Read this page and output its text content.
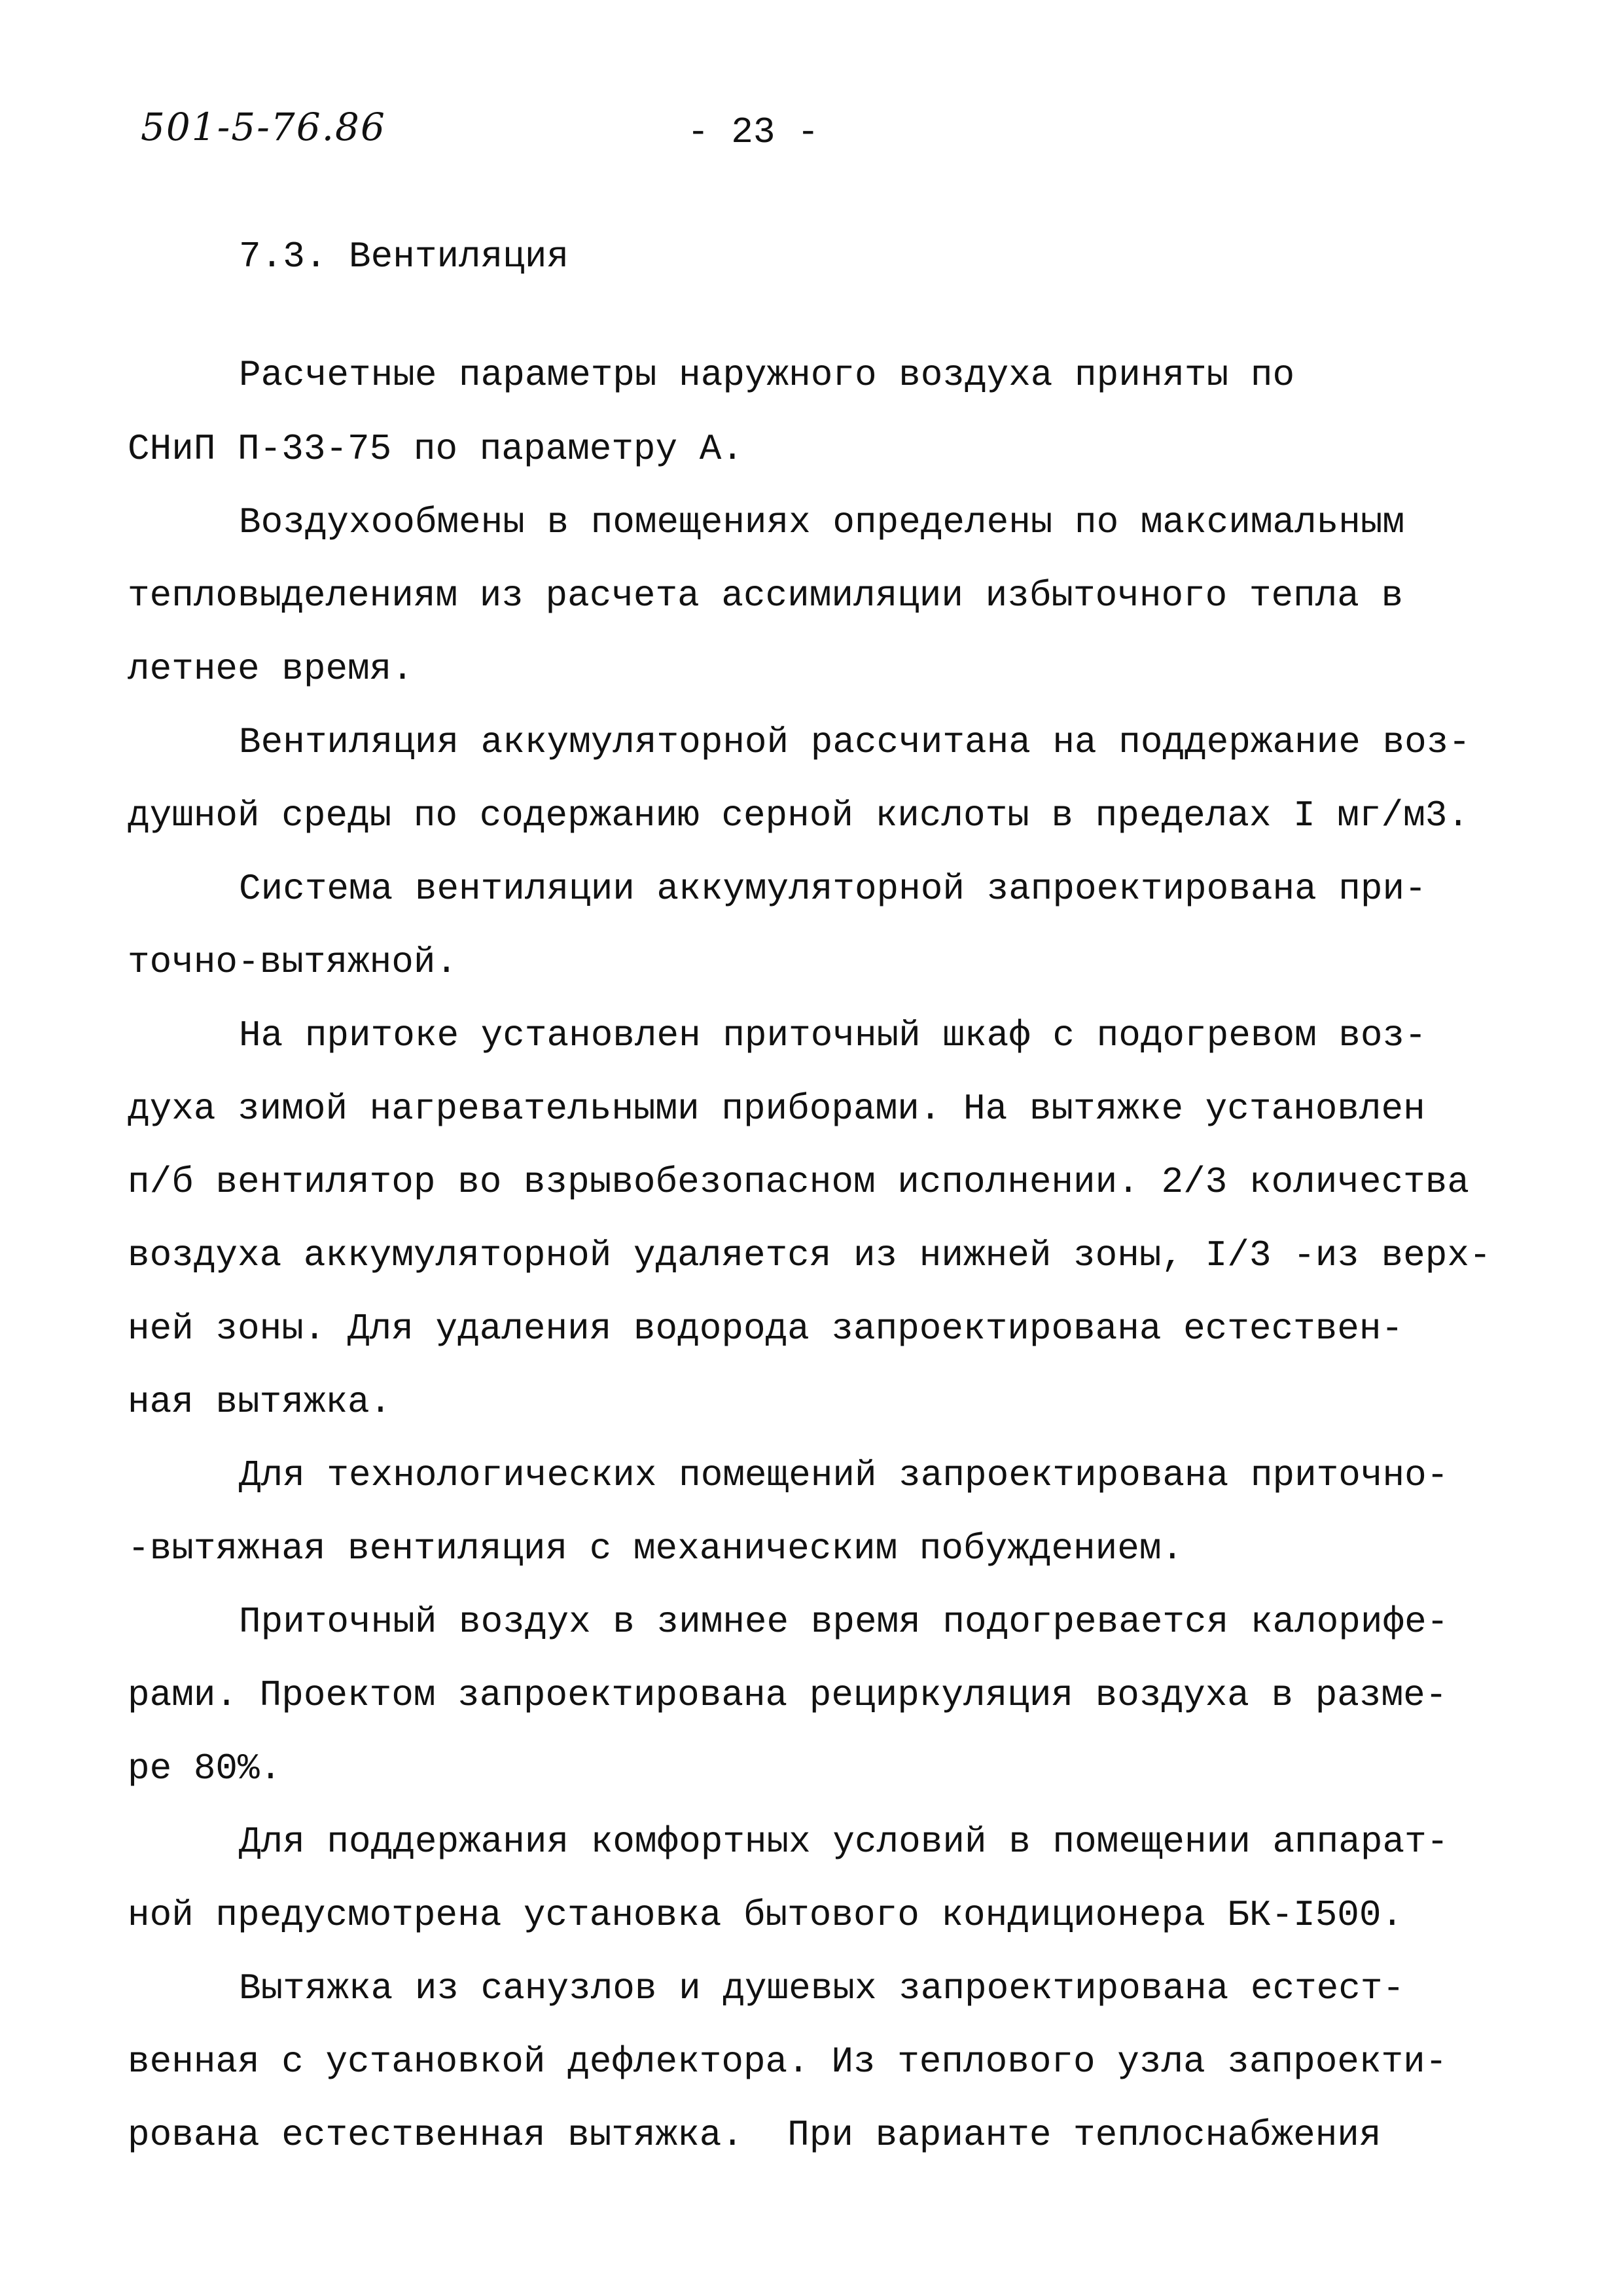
501-5-76.86	- 23 -
7.3. Вентиляция
Расчетные параметры наружного воздуха приняты по
СНиП П-33-75 по параметру А.
Воздухообмены в помещениях определены по максимальным
тепловыделениям из расчета ассимиляции избыточного тепла в
летнее время.
Вентиляция аккумуляторной рассчитана на поддержание воз-
душной среды по содержанию серной кислоты в пределах I мг/м3.
Система вентиляции аккумуляторной запроектирована при-
точно-вытяжной.
На притоке установлен приточный шкаф с подогревом воз-
духа зимой нагревательными приборами. На вытяжке установлен
п/б вентилятор во взрывобезопасном исполнении. 2/3 количества
воздуха аккумуляторной удаляется из нижней зоны, I/3 -из верх-
ней зоны. Для удаления водорода запроектирована естествен-
ная вытяжка.
Для технологических помещений запроектирована приточно-
-вытяжная вентиляция с механическим побуждением.
Приточный воздух в зимнее время подогревается калорифе-
рами. Проектом запроектирована рециркуляция воздуха в разме-
ре 80%.
Для поддержания комфортных условий в помещении аппарат-
ной предусмотрена установка бытового кондиционера БК-I500.
Вытяжка из санузлов и душевых запроектирована естест-
венная с установкой дефлектора. Из теплового узла запроекти-
рована естественная вытяжка.  При варианте теплоснабжения
